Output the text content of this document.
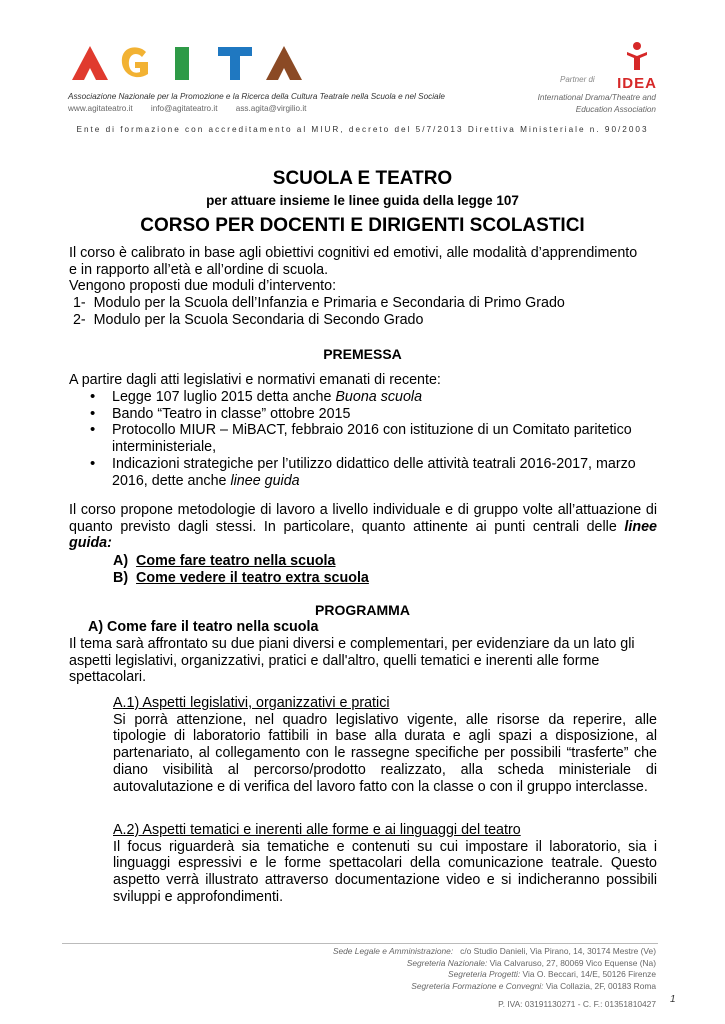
Associazione Nazionale per la Promozione e la Ricerca della Cultura Teatrale nella Scuola e nel Sociale
www.agitateatro.it info@agitateatro.it ass.agita@virgilio.it
Partner di IDEA
International Drama/Theatre and
Education Association
Ente di formazione con accreditamento al MIUR, decreto del 5/7/2013 Direttiva Ministeriale n. 90/2003
SCUOLA E TEATRO
per attuare insieme le linee guida della legge 107
CORSO PER DOCENTI E DIRIGENTI SCOLASTICI
Il corso è calibrato in base agli obiettivi cognitivi ed emotivi, alle modalità d’apprendimento
e in rapporto all’età e all’ordine di scuola.
Vengono proposti due moduli d’intervento:
1-  Modulo per la Scuola dell’Infanzia e Primaria e Secondaria di Primo Grado
2-  Modulo per la Scuola Secondaria di Secondo Grado
PREMESSA
A partire dagli atti legislativi e normativi emanati di recente:
• Legge 107 luglio 2015 detta anche Buona scuola
• Bando “Teatro in classe” ottobre 2015
• Protocollo MIUR – MiBACT, febbraio 2016 con istituzione di un Comitato paritetico interministeriale,
• Indicazioni strategiche per l’utilizzo didattico delle attività teatrali 2016-2017, marzo 2016, dette anche linee guida
Il corso propone metodologie di lavoro a livello individuale e di gruppo volte all’attuazione di quanto previsto dagli stessi. In particolare, quanto attinente ai punti centrali delle linee guida:
A) Come fare teatro nella scuola
B) Come vedere il teatro extra scuola
PROGRAMMA
A) Come fare il teatro nella scuola
Il tema sarà affrontato su due piani diversi e complementari, per evidenziare da un lato gli aspetti legislativi, organizzativi, pratici e dall'altro, quelli tematici e inerenti alle forme spettacolari.
A.1) Aspetti legislativi, organizzativi e pratici
Si porrà attenzione, nel quadro legislativo vigente, alle risorse da reperire, alle tipologie di laboratorio fattibili in base alla durata e agli spazi a disposizione, al partenariato, al collegamento con le rassegne specifiche per possibili “trasferte” che diano visibilità al percorso/prodotto realizzato, alla scheda ministeriale di autovalutazione e di verifica del lavoro fatto con la classe o con il gruppo interclasse.
A.2) Aspetti tematici e inerenti alle forme e ai linguaggi del teatro
Il focus riguarderà sia tematiche e contenuti su cui impostare il laboratorio, sia i linguaggi espressivi e le forme spettacolari della comunicazione teatrale. Questo aspetto verrà illustrato attraverso documentazione video e si indicheranno possibili sviluppi e approfondimenti.
Sede Legale e Amministrazione: c/o Studio Danieli, Via Pirano, 14, 30174 Mestre (Ve)
Segreteria Nazionale: Via Calvaruso, 27, 80069 Vico Equense (Na)
Segreteria Progetti: Via O. Beccari, 14/E, 50126 Firenze
Segreteria Formazione e Convegni: Via Collazia, 2F, 00183 Roma
P. IVA: 03191130271 - C. F.: 01351810427 1
